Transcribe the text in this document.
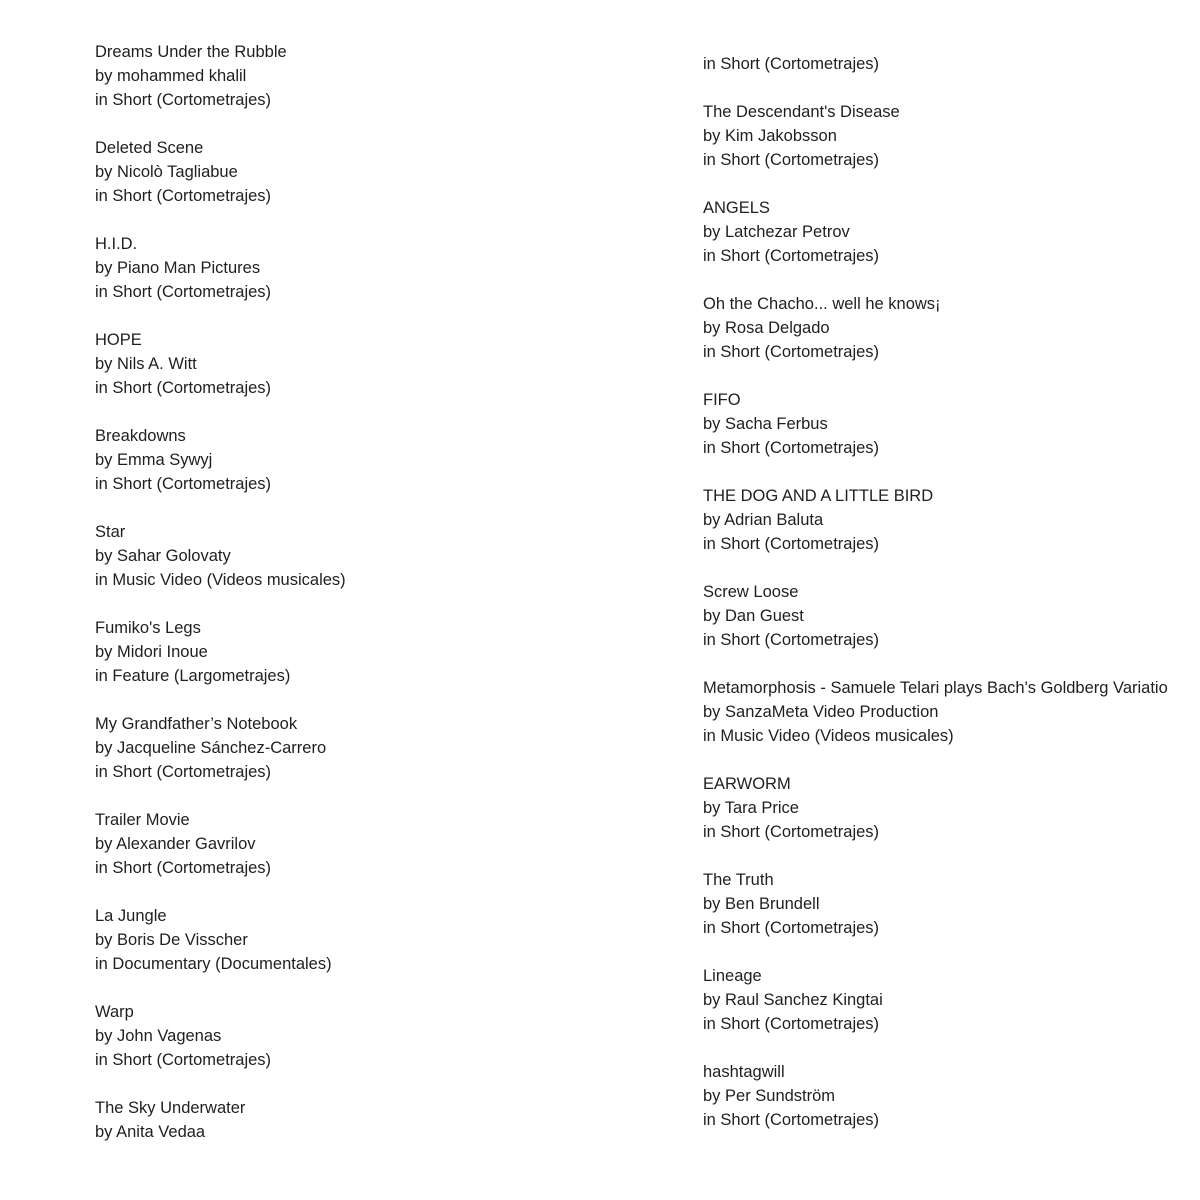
Dreams Under the Rubble
by mohammed khalil
in Short (Cortometrajes)
Deleted Scene
by Nicolò Tagliabue
in Short (Cortometrajes)
H.I.D.
by Piano Man Pictures
in Short (Cortometrajes)
HOPE
by Nils A. Witt
in Short (Cortometrajes)
Breakdowns
by Emma Sywyj
in Short (Cortometrajes)
Star
by Sahar Golovaty
in Music Video (Videos musicales)
Fumiko's Legs
by Midori Inoue
in Feature (Largometrajes)
My Grandfather’s Notebook
by Jacqueline Sánchez-Carrero
in Short (Cortometrajes)
Trailer Movie
by Alexander Gavrilov
in Short (Cortometrajes)
La Jungle
by Boris De Visscher
in Documentary (Documentales)
Warp
by John Vagenas
in Short (Cortometrajes)
The Sky Underwater
by Anita Vedaa
in Short (Cortometrajes)
The Descendant's Disease
by Kim Jakobsson
in Short (Cortometrajes)
ANGELS
by Latchezar Petrov
in Short (Cortometrajes)
Oh the Chacho... well he knows¡
by Rosa Delgado
in Short (Cortometrajes)
FIFO
by Sacha Ferbus
in Short (Cortometrajes)
THE DOG AND A LITTLE BIRD
by Adrian Baluta
in Short (Cortometrajes)
Screw Loose
by Dan Guest
in Short (Cortometrajes)
Metamorphosis - Samuele Telari plays Bach's Goldberg Variatio
by SanzaMeta Video Production
in Music Video (Videos musicales)
EARWORM
by Tara Price
in Short (Cortometrajes)
The Truth
by Ben Brundell
in Short (Cortometrajes)
Lineage
by Raul Sanchez Kingtai
in Short (Cortometrajes)
hashtagwill
by Per Sundström
in Short (Cortometrajes)
